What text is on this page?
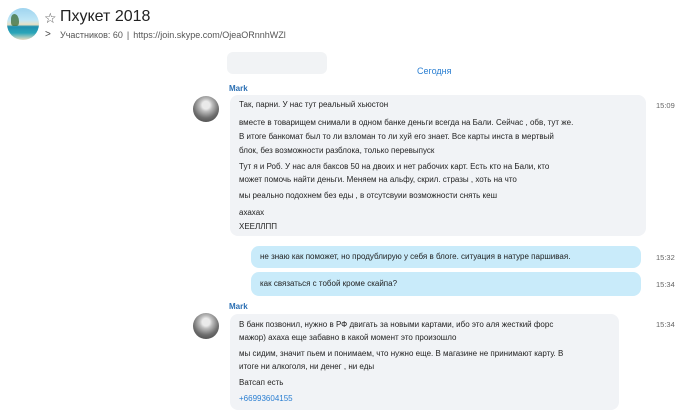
☆ Пхукет 2018
> Участников: 60 | https://join.skype.com/OjeaORnnhWZl
Сегодня
Mark
Так, парни. У нас тут реальный хьюстон
вместе в товарищем снимали в одном банке деньги всегда на Бали. Сейчас , обв, тут же.
В итоге банкомат был то ли взломан то ли хуй его знает. Все карты инста в мертвый
блок, без возможности разблока, только перевыпуск
Тут я и Роб. У нас аля баксов 50 на двоих и нет рабочих карт. Есть кто на Бали, кто
может помочь найти деньги. Меняем на альфу, скрил. стразы , хоть на что
мы реально подохнем без еды , в отсутсвуии возможности снять кеш
ахахах
ХЕЕЛЛПП
15:09
не знаю как поможет, но продублирую у себя в блоге. ситуация в натуре паршивая.	15:32
как связаться с тобой кроме скайпа?	15:34
Mark
В банк позвонил, нужно в РФ двигать за новыми картами, ибо это аля жесткий форс
мажор) ахаха еще забавно в какой момент это произошло
мы сидим, значит пьем и понимаем, что нужно еще. В магазине не принимают карту. В
итоге ни алкоголя, ни денег , ни еды
Ватсап есть
+66993604155
15:34
